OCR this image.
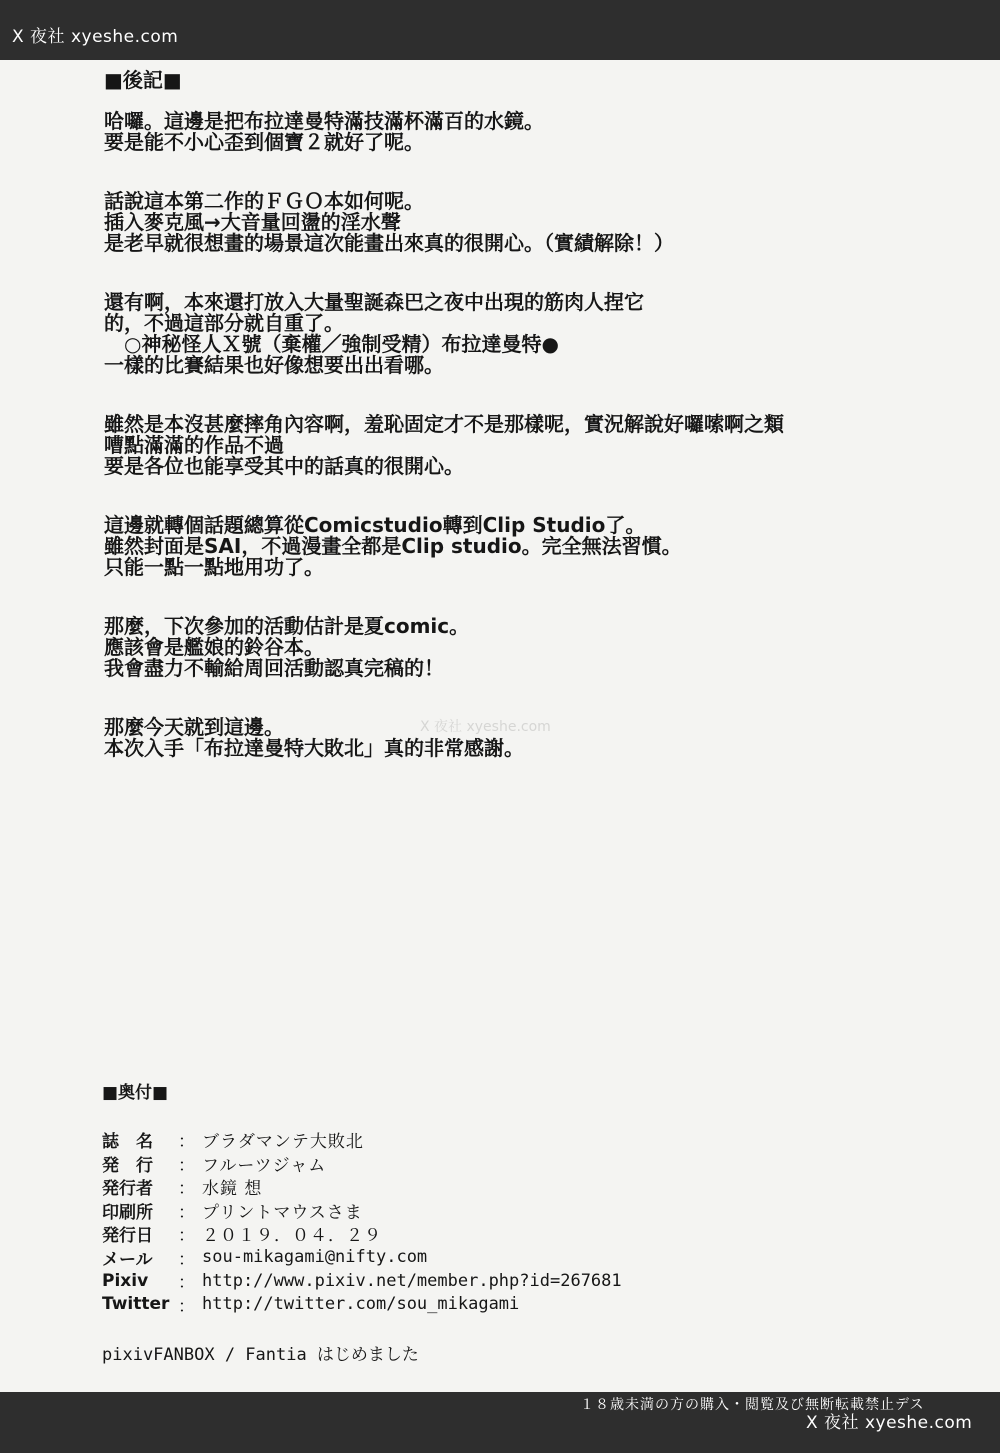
X 夜社 xyeshe.com
X 夜社 xyeshe.com
■後記■
哈囉。這邊是把布拉達曼特滿技滿杯滿百的水鏡。
要是能不小心歪到個寶２就好了呢。
話說這本第二作的ＦＧＯ本如何呢。
插入麥克風→大音量回盪的淫水聲
是老早就很想畫的場景這次能畫出來真的很開心。（實績解除！）
還有啊，本來還打放入大量聖誕森巴之夜中出現的筋肉人捏它
的，不過這部分就自重了。
　○神秘怪人Ｘ號（棄權／強制受精）布拉達曼特●
一樣的比賽結果也好像想要出出看哪。
雖然是本沒甚麼摔角內容啊，羞恥固定才不是那樣呢，實況解說好囉嗦啊之類
嘈點滿滿的作品不過
要是各位也能享受其中的話真的很開心。
這邊就轉個話題總算從Comicstudio轉到Clip Studio了。
雖然封面是SAI，不過漫畫全都是Clip studio。完全無法習慣。
只能一點一點地用功了。
那麼，下次參加的活動估計是夏comic。
應該會是艦娘的鈴谷本。
我會盡力不輸給周回活動認真完稿的！
那麼今天就到這邊。
本次入手「布拉達曼特大敗北」真的非常感謝。
■奥付■
誌　名	： ブラダマンテ大敗北
発　行	： フルーツジャム
発行者	： 水鏡 想
印刷所	： プリントマウスさま
発行日	： ２０１９．０４．２９
メール	： sou-mikagami@nifty.com
Pixiv	： http://www.pixiv.net/member.php?id=267681
Twitter ： http://twitter.com/sou_mikagami
pixivFANBOX / Fantia はじめました
１８歳未満の方の購入・閲覧及び無断転載禁止デス
X 夜社 xyeshe.com
